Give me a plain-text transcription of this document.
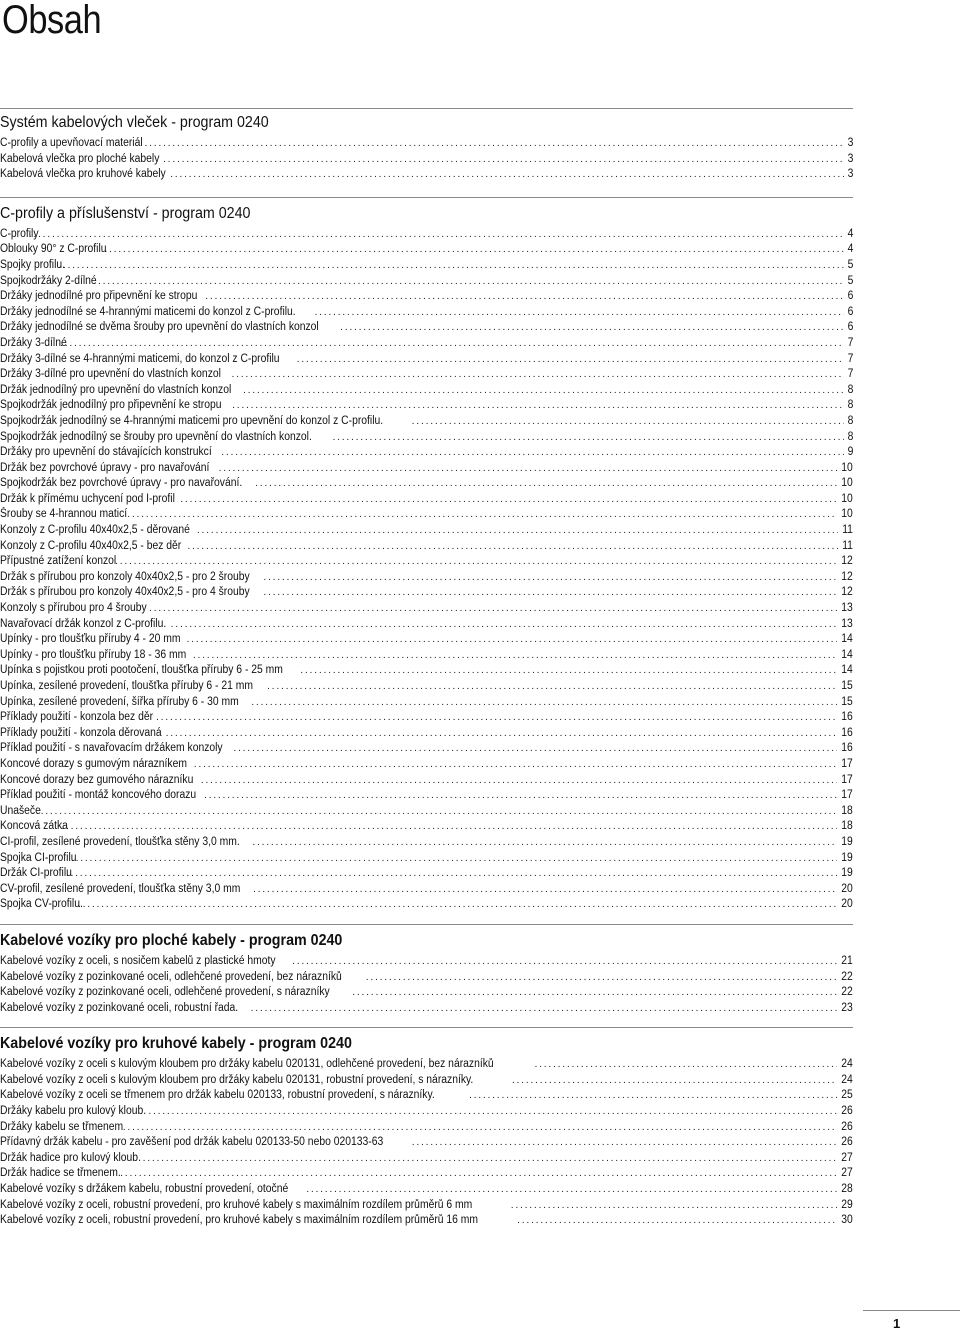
Obsah
Systém kabelových vleček - program 0240
C-profily a upevňovací materiál . . .	3
Kabelová vlečka pro ploché kabely . . .	3
Kabelová vlečka pro kruhové kabely . . .	3
C-profily a příslušenství - program 0240
C-profily . . .	4
Oblouky 90° z C-profilu . . .	4
Spojky profilu. . . .	5
Spojkodržáky 2-dílné . . .	5
Držáky jednodílné pro připevnění ke stropu . . .	6
Držáky jednodílné se 4-hrannými maticemi do konzol z C-profilu. . . .	6
Držáky jednodílné se dvěma šrouby pro upevnění do vlastních konzol . . .	6
Držáky 3-dílné . . .	7
Držáky 3-dílné se 4-hrannými maticemi, do konzol z C-profilu . . .	7
Držáky 3-dílné pro upevnění do vlastních konzol . . .	7
Držák jednodílný pro upevnění do vlastních konzol . . .	8
Spojkodržák jednodílný pro připevnění ke stropu . . .	8
Spojkodržák jednodílný se 4-hrannými maticemi pro upevnění do konzol z C-profilu. . . .	8
Spojkodržák jednodílný se šrouby pro upevnění do vlastních konzol. . . .	8
Držáky pro upevnění do stávajících konstrukcí . . .	9
Držák bez povrchové úpravy - pro navařování . . .	10
Spojkodržák bez povrchové úpravy - pro navařování. . . .	10
Držák k přímému uchycení pod I-profil . . .	10
Šrouby se 4-hrannou maticí . . .	10
Konzoly z C-profilu 40x40x2,5 - děrované . . .	11
Konzoly z C-profilu 40x40x2,5 - bez děr . . .	11
Přípustné zatížení konzol . . .	12
Držák s přírubou pro konzoly 40x40x2,5 - pro 2 šrouby . . .	12
Držák s přírubou pro konzoly 40x40x2,5 - pro 4 šrouby . . .	12
Konzoly s přírubou pro 4 šrouby . . .	13
Navařovací držák konzol z C-profilu. . . .	13
Upínky - pro tloušťku příruby 4 - 20 mm . . .	14
Upínky - pro tloušťku příruby 18 - 36 mm . . .	14
Upínka s pojistkou proti pootočení, tloušťka příruby 6 - 25 mm . . .	14
Upínka, zesílené provedení, tloušťka příruby 6 - 21 mm . . .	15
Upínka, zesílené provedení, šířka příruby 6 - 30 mm . . .	15
Příklady použití - konzola bez děr . . .	16
Příklady použití - konzola děrovaná . . .	16
Příklad použití - s navařovacím držákem konzoly . . .	16
Koncové dorazy s gumovým nárazníkem . . .	17
Koncové dorazy bez gumového nárazníku . . .	17
Příklad použití - montáž koncového dorazu . . .	17
Unašeče . . .	18
Koncová zátka . . .	18
CI-profil, zesílené provedení, tloušťka stěny 3,0 mm. . . .	19
Spojka CI-profilu . . .	19
Držák CI-profilu . . .	19
CV-profil, zesílené provedení, tloušťka stěny 3,0 mm . . .	20
Spojka CV-profilu. . . .	20
Kabelové vozíky pro ploché kabely - program 0240
Kabelové vozíky z oceli, s nosičem kabelů z plastické hmoty . . .	21
Kabelové vozíky z pozinkované oceli, odlehčené provedení, bez nárazníků . . .	22
Kabelové vozíky z pozinkované oceli, odlehčené provedení, s nárazníky . . .	22
Kabelové vozíky z pozinkované oceli, robustní řada. . . .	23
Kabelové vozíky pro kruhové kabely - program 0240
Kabelové vozíky z oceli s kulovým kloubem pro držáky kabelu 020131, odlehčené provedení, bez nárazníků . . .	24
Kabelové vozíky z oceli s kulovým kloubem pro držáky kabelu 020131, robustní provedení, s nárazníky. . . .	24
Kabelové vozíky z oceli se třmenem pro držák kabelu 020133, robustní provedení, s nárazníky. . . .	25
Držáky kabelu pro kulový kloub. . . .	26
Držáky kabelu se třmenem . . .	26
Přídavný držák kabelu - pro zavěšení pod držák kabelu 020133-50 nebo 020133-63 . . .	26
Držák hadice pro kulový kloub. . . .	27
Držák hadice se třmenem. . . .	27
Kabelové vozíky s držákem kabelu, robustní provedení, otočné . . .	28
Kabelové vozíky z oceli, robustní provedení, pro kruhové kabely s maximálním rozdílem průměrů 6 mm . . .	29
Kabelové vozíky z oceli, robustní provedení, pro kruhové kabely s maximálním rozdílem průměrů 16 mm . . .	30
1
